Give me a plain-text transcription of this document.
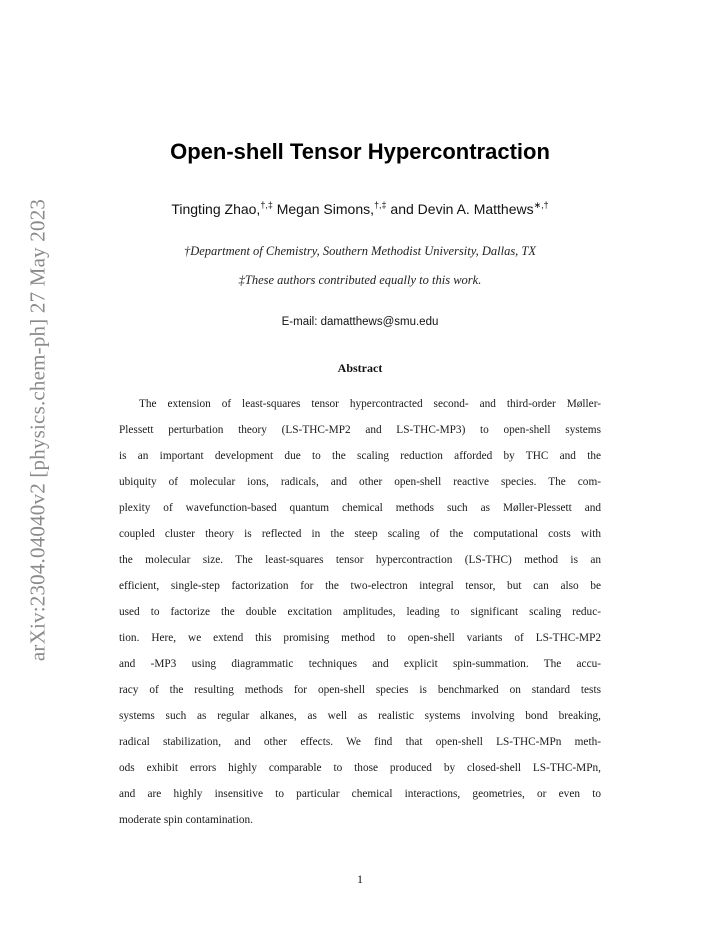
arXiv:2304.04040v2 [physics.chem-ph] 27 May 2023
Open-shell Tensor Hypercontraction
Tingting Zhao,†,‡ Megan Simons,†,‡ and Devin A. Matthews∗,†
†Department of Chemistry, Southern Methodist University, Dallas, TX
‡These authors contributed equally to this work.
E-mail: damatthews@smu.edu
Abstract
The extension of least-squares tensor hypercontracted second- and third-order Møller-
Plessett perturbation theory (LS-THC-MP2 and LS-THC-MP3) to open-shell systems
is an important development due to the scaling reduction afforded by THC and the
ubiquity of molecular ions, radicals, and other open-shell reactive species. The com-
plexity of wavefunction-based quantum chemical methods such as Møller-Plessett and
coupled cluster theory is reflected in the steep scaling of the computational costs with
the molecular size. The least-squares tensor hypercontraction (LS-THC) method is an
efficient, single-step factorization for the two-electron integral tensor, but can also be
used to factorize the double excitation amplitudes, leading to significant scaling reduc-
tion. Here, we extend this promising method to open-shell variants of LS-THC-MP2
and -MP3 using diagrammatic techniques and explicit spin-summation. The accu-
racy of the resulting methods for open-shell species is benchmarked on standard tests
systems such as regular alkanes, as well as realistic systems involving bond breaking,
radical stabilization, and other effects. We find that open-shell LS-THC-MPn meth-
ods exhibit errors highly comparable to those produced by closed-shell LS-THC-MPn,
and are highly insensitive to particular chemical interactions, geometries, or even to
moderate spin contamination.
1
